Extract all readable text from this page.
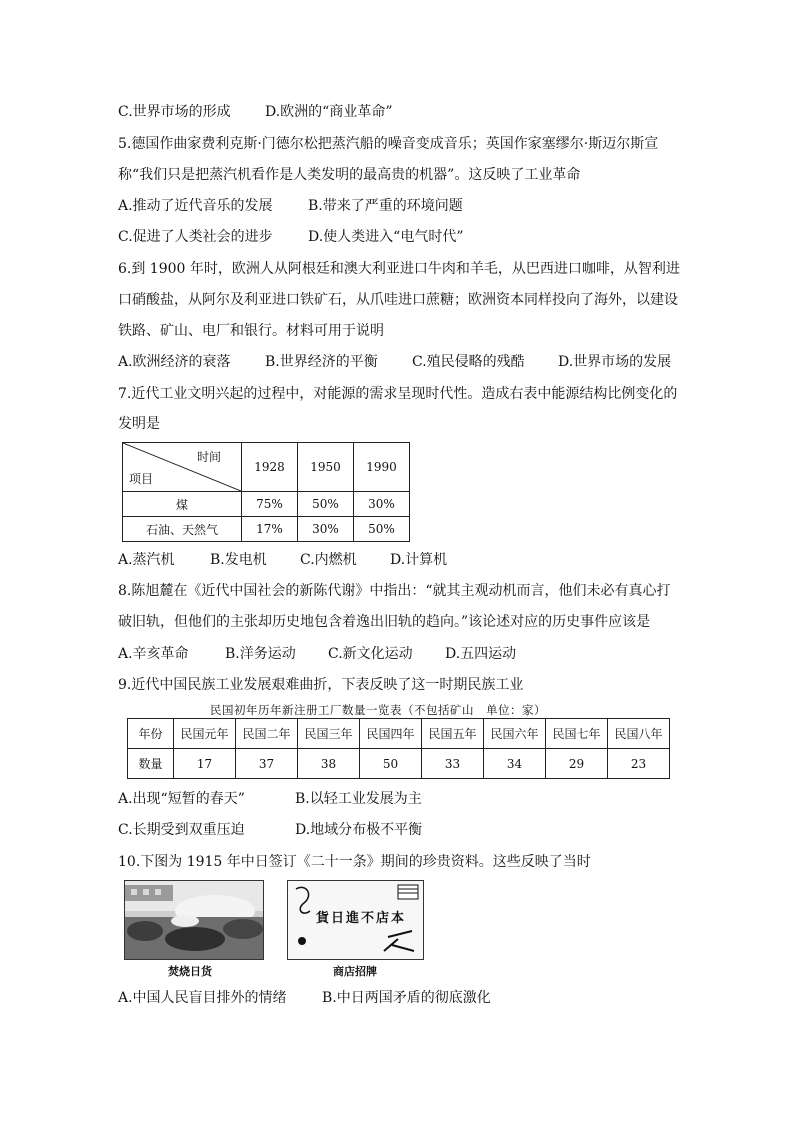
C.世界市场的形成 D.欧洲的“商业革命”
5.德国作曲家费利克斯·门德尔松把蒸汽船的噪音变成音乐；英国作家塞缪尔·斯迈尔斯宣
称“我们只是把蒸汽机看作是人类发明的最高贵的机器”。这反映了工业革命
A.推动了近代音乐的发展	B.带来了严重的环境问题
C.促进了人类社会的进步	D.使人类进入“电气时代”
6.到 1900 年时，欧洲人从阿根廷和澳大利亚进口牛肉和羊毛，从巴西进口咖啡，从智利进
口硝酸盐，从阿尔及利亚进口铁矿石，从爪哇进口蔗糖；欧洲资本同样投向了海外，以建设
铁路、矿山、电厂和银行。材料可用于说明
A.欧洲经济的衰落 B.世界经济的平衡 C.殖民侵略的残酷 D.世界市场的发展
7.近代工业文明兴起的过程中，对能源的需求呈现时代性。造成右表中能源结构比例变化的
发明是
时间
项目	1928	1950	1990
煤	75%	50%	30%
石油、天然气	17%	30%	50%
A.蒸汽机	B.发电机 C.内燃机 D.计算机
8.陈旭麓在《近代中国社会的新陈代谢》中指出：“就其主观动机而言，他们未必有真心打
破旧轨，但他们的主张却历史地包含着逸出旧轨的趋向。”该论述对应的历史事件应该是
A.辛亥革命	B.洋务运动 C.新文化运动 D.五四运动
9.近代中国民族工业发展艰难曲折，下表反映了这一时期民族工业
民国初年历年新注册工厂数量一览表（不包括矿山　单位：家）
年份	民国元年	民国二年	民国三年	民国四年	民国五年	民国六年	民国七年	民国八年
数量	17	37	38	50	33	34	29	23
A.出现“短暂的春天”	B.以轻工业发展为主
C.长期受到双重压迫	D.地域分布极不平衡
10.下图为 1915 年中日签订《二十一条》期间的珍贵资料。这些反映了当时
焚烧日货
貨日進不店本
商店招牌
A.中国人民盲目排外的情绪	B.中日两国矛盾的彻底激化
